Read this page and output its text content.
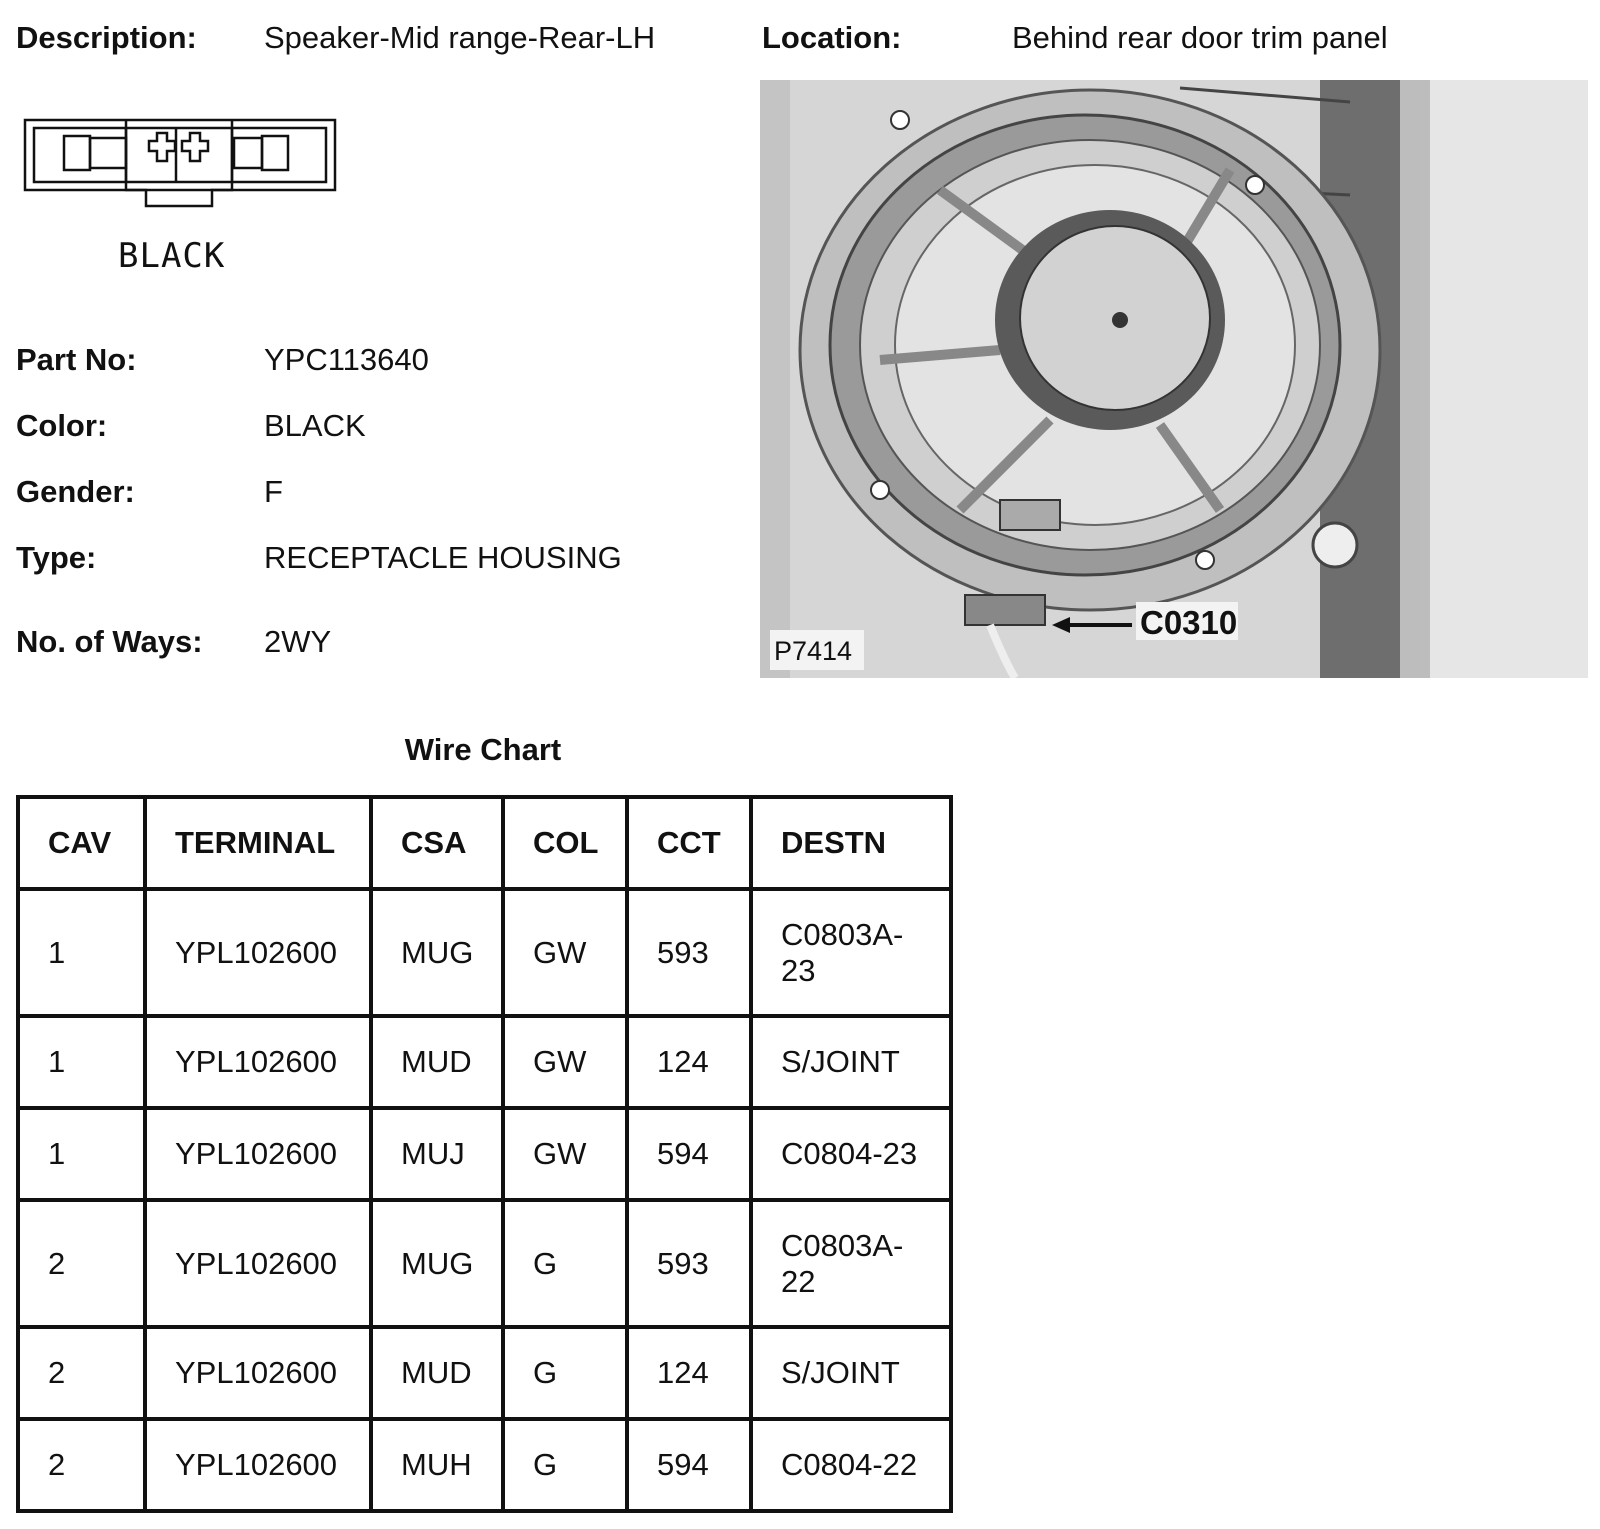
Description: Speaker-Mid range-Rear-LH	Location:	Behind rear door trim panel
BLACK
Part No:	YPC113640
Color:	BLACK
Gender:	F
Type:	RECEPTACLE HOUSING
No. of Ways: 2WY
C0310
P7414
Wire Chart
CAV	TERMINAL	CSA	COL	CCT	DESTN
1	YPL102600	MUG	GW	593	C0803A-
23
1	YPL102600	MUD	GW	124	S/JOINT
1	YPL102600	MUJ	GW	594	C0804-23
2	YPL102600	MUG	G	593	C0803A-
22
2	YPL102600	MUD	G	124	S/JOINT
2	YPL102600	MUH	G	594	C0804-22
